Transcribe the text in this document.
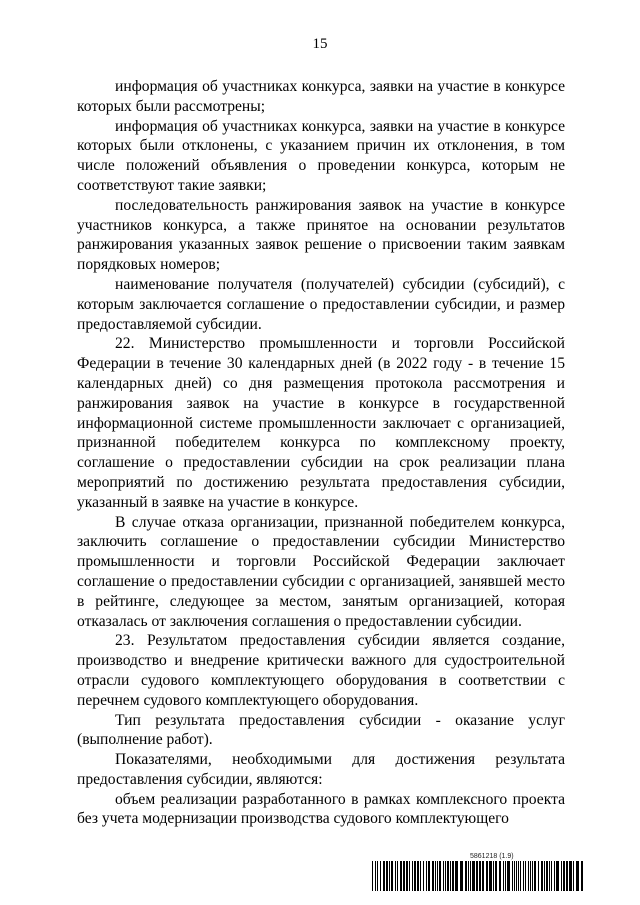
15

информация об участниках конкурса, заявки на участие в конкурсе которых были рассмотрены;

информация об участниках конкурса, заявки на участие в конкурсе которых были отклонены, с указанием причин их отклонения, в том числе положений объявления о проведении конкурса, которым не соответствуют такие заявки;

последовательность ранжирования заявок на участие в конкурсе участников конкурса, а также принятое на основании результатов ранжирования указанных заявок решение о присвоении таким заявкам порядковых номеров;

наименование получателя (получателей) субсидии (субсидий), с которым заключается соглашение о предоставлении субсидии, и размер предоставляемой субсидии.

22. Министерство промышленности и торговли Российской Федерации в течение 30 календарных дней (в 2022 году - в течение 15 календарных дней) со дня размещения протокола рассмотрения и ранжирования заявок на участие в конкурсе в государственной информационной системе промышленности заключает с организацией, признанной победителем конкурса по комплексному проекту, соглашение о предоставлении субсидии на срок реализации плана мероприятий по достижению результата предоставления субсидии, указанный в заявке на участие в конкурсе.

В случае отказа организации, признанной победителем конкурса, заключить соглашение о предоставлении субсидии Министерство промышленности и торговли Российской Федерации заключает соглашение о предоставлении субсидии с организацией, занявшей место в рейтинге, следующее за местом, занятым организацией, которая отказалась от заключения соглашения о предоставлении субсидии.

23. Результатом предоставления субсидии является создание, производство и внедрение критически важного для судостроительной отрасли судового комплектующего оборудования в соответствии с перечнем судового комплектующего оборудования.

Тип результата предоставления субсидии - оказание услуг (выполнение работ).

Показателями, необходимыми для достижения результата предоставления субсидии, являются:

объем реализации разработанного в рамках комплексного проекта без учета модернизации производства судового комплектующего

5861218 (1.9)
